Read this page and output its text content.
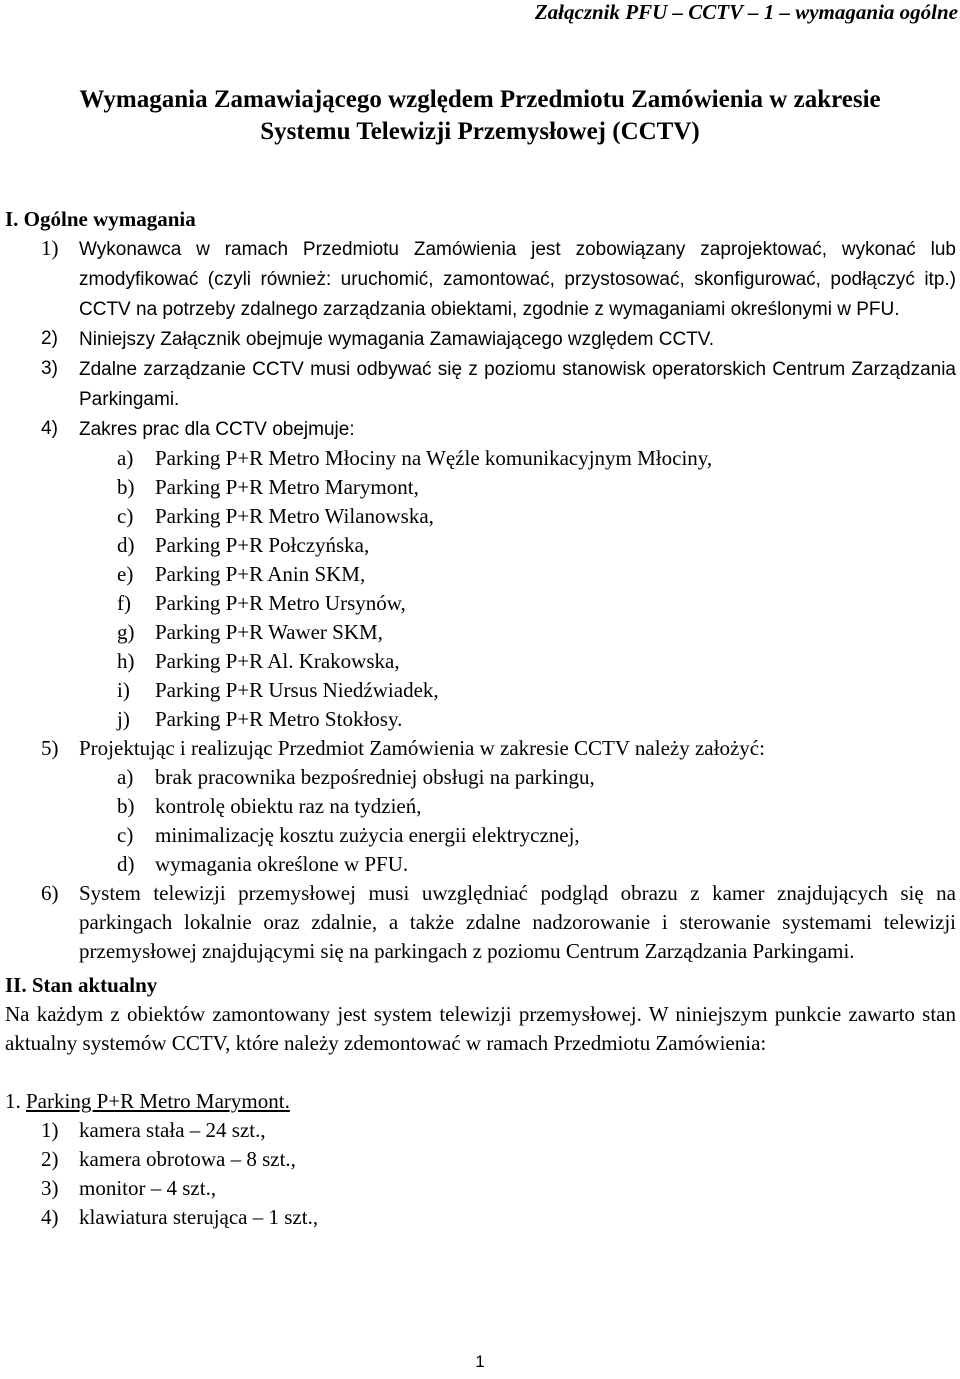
Załącznik PFU – CCTV – 1 – wymagania ogólne
Wymagania Zamawiającego względem Przedmiotu Zamówienia w zakresie
Systemu Telewizji Przemysłowej (CCTV)
I. Ogólne wymagania
1) Wykonawca w ramach Przedmiotu Zamówienia jest zobowiązany zaprojektować, wykonać lub zmodyfikować (czyli również: uruchomić, zamontować, przystosować, skonfigurować, podłączyć itp.) CCTV na potrzeby zdalnego zarządzania obiektami, zgodnie z wymaganiami określonymi w PFU.
2) Niniejszy Załącznik obejmuje wymagania Zamawiającego względem CCTV.
3) Zdalne zarządzanie CCTV musi odbywać się z poziomu stanowisk operatorskich Centrum Zarządzania Parkingami.
4) Zakres prac dla CCTV obejmuje:
a) Parking P+R Metro Młociny na Węźle komunikacyjnym Młociny,
b) Parking P+R Metro Marymont,
c) Parking P+R Metro Wilanowska,
d) Parking P+R Połczyńska,
e) Parking P+R Anin SKM,
f) Parking P+R Metro Ursynów,
g) Parking P+R Wawer SKM,
h) Parking P+R Al. Krakowska,
i) Parking P+R Ursus Niedźwiadek,
j) Parking P+R Metro Stokłosy.
5) Projektując i realizując Przedmiot Zamówienia w zakresie CCTV należy założyć:
a) brak pracownika bezpośredniej obsługi na parkingu,
b) kontrolę obiektu raz na tydzień,
c) minimalizację kosztu zużycia energii elektrycznej,
d) wymagania określone w PFU.
6) System telewizji przemysłowej musi uwzględniać podgląd obrazu z kamer znajdujących się na parkingach lokalnie oraz zdalnie, a także zdalne nadzorowanie i sterowanie systemami telewizji przemysłowej znajdującymi się na parkingach z poziomu Centrum Zarządzania Parkingami.
II. Stan aktualny
Na każdym z obiektów zamontowany jest system telewizji przemysłowej. W niniejszym punkcie zawarto stan aktualny systemów CCTV, które należy zdemontować w ramach Przedmiotu Zamówienia:
1. Parking P+R Metro Marymont.
1) kamera stała – 24 szt.,
2) kamera obrotowa – 8 szt.,
3) monitor – 4 szt.,
4) klawiatura sterująca – 1 szt.,
1
